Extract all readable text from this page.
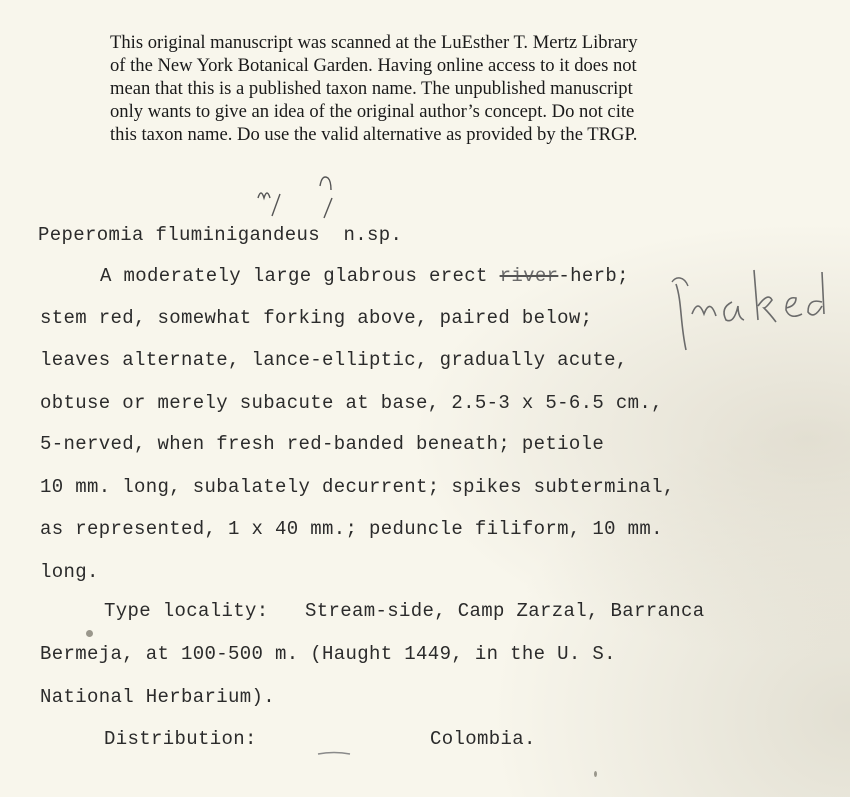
This original manuscript was scanned at the LuEsther T. Mertz Library
of the New York Botanical Garden. Having online access to it does not
mean that this is a published taxon name. The unpublished manuscript
only wants to give an idea of the original author’s concept. Do not cite
this taxon name. Do use the valid alternative as provided by the TRGP.
Peperomia fluminigandeus  n.sp.
A moderately large glabrous erect river-herb;
stem red, somewhat forking above, paired below;
leaves alternate, lance-elliptic, gradually acute,
obtuse or merely subacute at base, 2.5-3 x 5-6.5 cm.,
5-nerved, when fresh red-banded beneath; petiole
10 mm. long, subalately decurrent; spikes subterminal,
as represented, 1 x 40 mm.; peduncle filiform, 10 mm.
long.
Type locality: Stream-side, Camp Zarzal, Barranca
Bermeja, at 100-500 m. (Haught 1449, in the U. S.
National Herbarium).
Distribution:	Colombia.
